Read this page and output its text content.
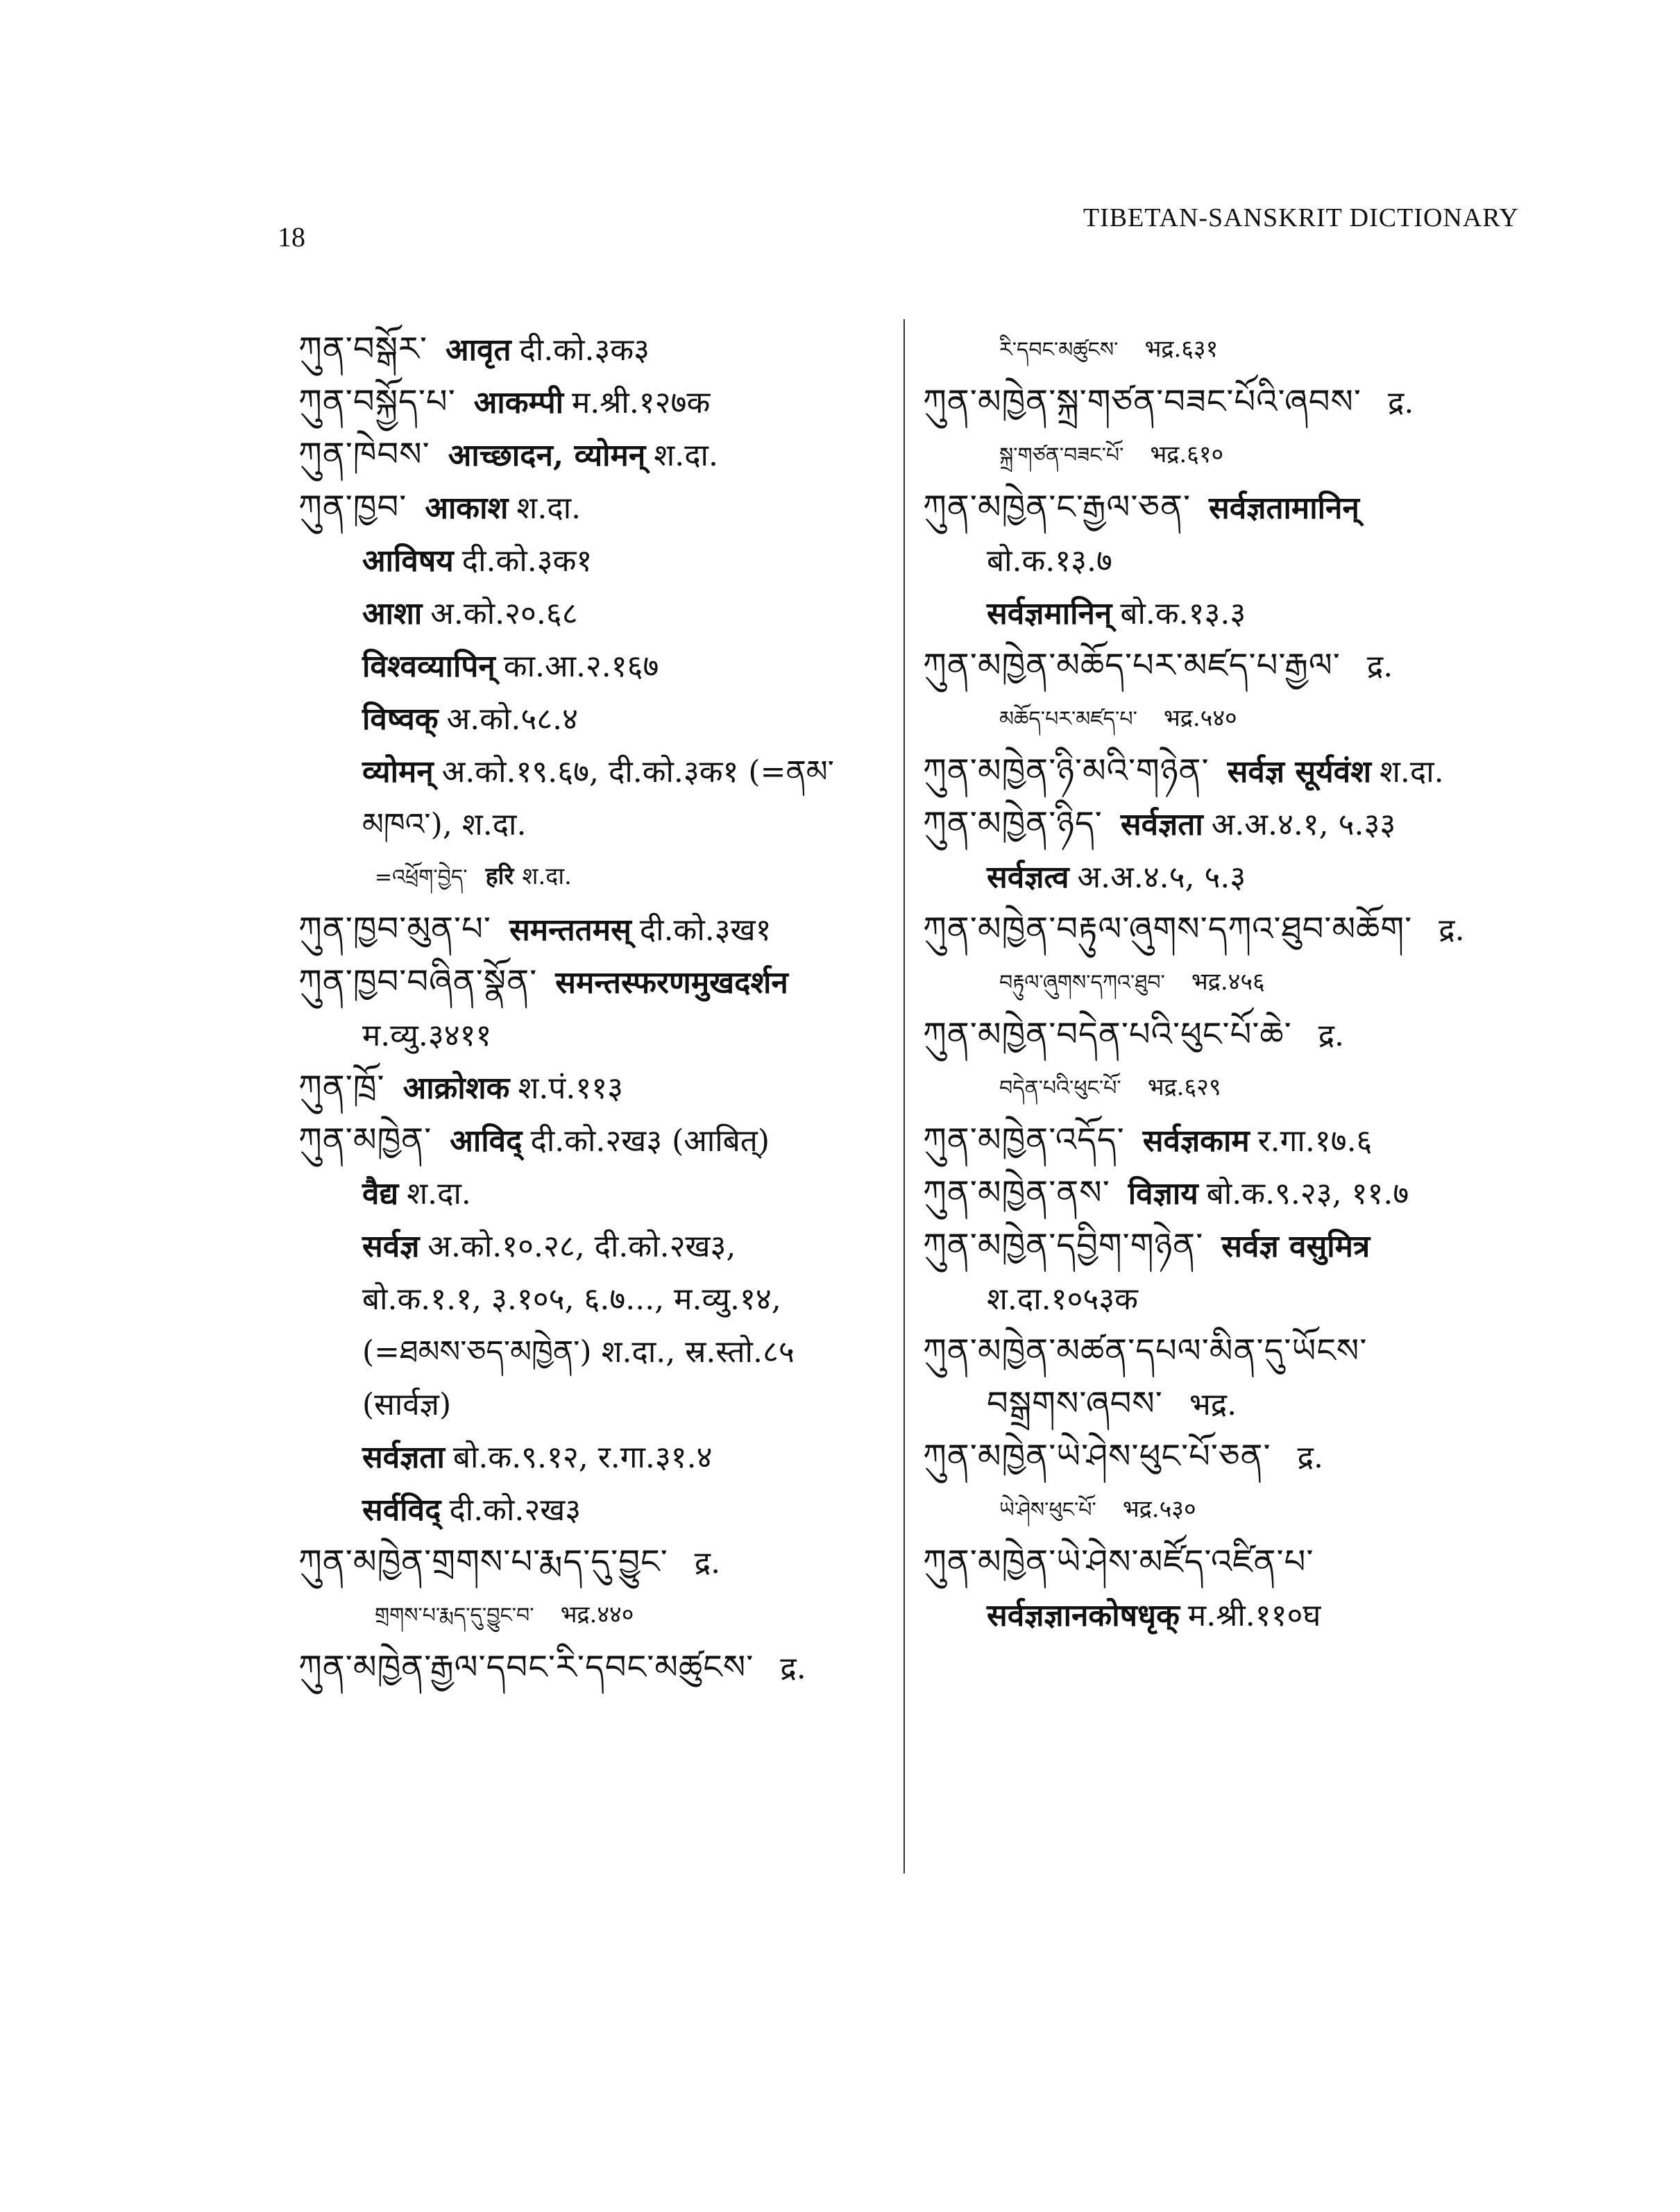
18
TIBETAN-SANSKRIT DICTIONARY
ཀུན་བསྒོར་ आवृत दी.को.३क३
ཀུན་བསྐྱོད་པ་ आकम्पी म.श्री.१२७क
ཀུན་ཁེབས་ आच्छादन, व्योमन् श.दा.
ཀུན་ཁྱབ་ आकाश श.दा.
आविषय दी.को.३क१
आशा अ.को.२०.६८
विश्वव्यापिन् का.आ.२.१६७
विष्वक् अ.को.५८.४
व्योमन् अ.को.१९.६७, दी.को.३क१ (=ནམ་
མཁའ་), श.दा.
=འཕྲོག་བྱེད་ हरि श.दा.
ཀུན་ཁྱབ་མུན་པ་ समन्ततमस् दी.को.३ख१
ཀུན་ཁྱབ་བཞིན་སྣོན་ समन्तस्फरणमुखदर्शन
म.व्यु.३४११
ཀུན་ཁྲོ་ आक्रोशक श.पं.११३
ཀུན་མཁྱེན་ आविद् दी.को.२ख३ (आबित्)
वैद्य श.दा.
सर्वज्ञ अ.को.१०.२८, दी.को.२ख३,
बो.क.१.१, ३.१०५, ६.७..., म.व्यु.१४,
(=ཐམས་ཅད་མཁྱེན་) श.दा., स्र.स्तो.८५
(सार्वज्ञ)
सर्वज्ञता बो.क.९.१२, र.गा.३१.४
सर्वविद् दी.को.२ख३
ཀུན་མཁྱེན་གྲགས་པ་རྨད་དུ་བྱུང་ द्र.
གྲགས་པ་རྨད་དུ་བྱུང་བ་ भद्र.४४०
ཀུན་མཁྱེན་རྒྱལ་དབང་རི་དབང་མཚུངས་ द्र.
རི་དབང་མཚུངས་ भद्र.६३१
ཀུན་མཁྱེན་སྐྲ་གཙན་བཟང་པོའི་ཞབས་ द्र.
སྐྲ་གཙན་བཟང་པོ་ भद्र.६१०
ཀུན་མཁྱེན་ང་རྒྱལ་ཅན་ सर्वज्ञतामानिन्
बो.क.१३.७
सर्वज्ञमानिन् बो.क.१३.३
ཀུན་མཁྱེན་མཆོད་པར་མཛད་པ་རྒྱལ་ द्र.
མཆོད་པར་མཛད་པ་ भद्र.५४०
ཀུན་མཁྱེན་ཉི་མའི་གཉེན་ सर्वज्ञ सूर्यवंश श.दा.
ཀུན་མཁྱེན་ཉིད་ सर्वज्ञता अ.अ.४.१, ५.३३
सर्वज्ञत्व अ.अ.४.५, ५.३
ཀུན་མཁྱེན་བརྟུལ་ཞུགས་དཀའ་ཐུབ་མཆོག་ द्र.
བརྟུལ་ཞུགས་དཀའ་ཐུབ་ भद्र.४५६
ཀུན་མཁྱེན་བདེན་པའི་ཕུང་པོ་ཆེ་ द्र.
བདེན་པའི་ཕུང་པོ་ भद्र.६२९
ཀུན་མཁྱེན་འདོད་ सर्वज्ञकाम र.गा.१७.६
ཀུན་མཁྱེན་ནས་ विज्ञाय बो.क.९.२३, ११.७
ཀུན་མཁྱེན་དབྱིག་གཉེན་ सर्वज्ञ वसुमित्र
श.दा.१०५३क
ཀུན་མཁྱེན་མཚན་དཔལ་མིན་དུ་ཡོངས་
བསྒྲགས་ཞབས་ भद्र.
ཀུན་མཁྱེན་ཡེ་ཤེས་ཕུང་པོ་ཅན་ द्र.
ཡེ་ཤེས་ཕུང་པོ་ भद्र.५३०
ཀུན་མཁྱེན་ཡེ་ཤེས་མཛོད་འཛིན་པ་
सर्वज्ञज्ञानकोषधृक् म.श्री.११०घ
